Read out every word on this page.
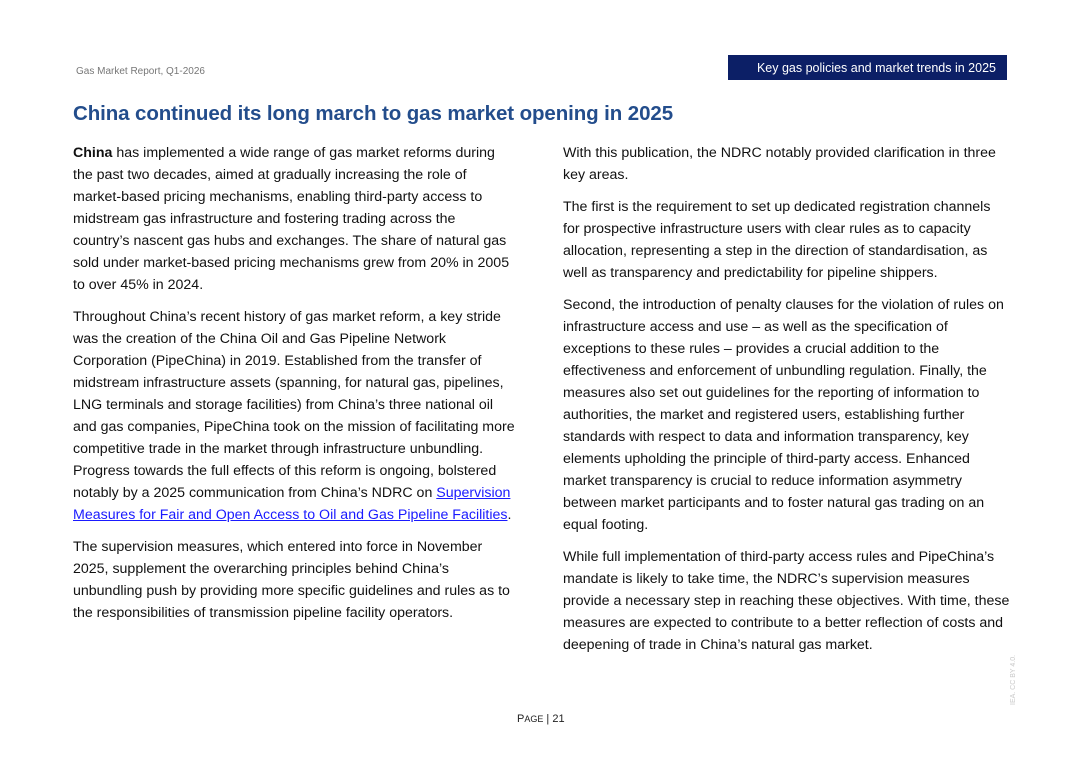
Gas Market Report, Q1-2026	Key gas policies and market trends in 2025
China continued its long march to gas market opening in 2025

China has implemented a wide range of gas market reforms during the past two decades, aimed at gradually increasing the role of market-based pricing mechanisms, enabling third-party access to midstream gas infrastructure and fostering trading across the country’s nascent gas hubs and exchanges. The share of natural gas sold under market-based pricing mechanisms grew from 20% in 2005 to over 45% in 2024.

Throughout China’s recent history of gas market reform, a key stride was the creation of the China Oil and Gas Pipeline Network Corporation (PipeChina) in 2019. Established from the transfer of midstream infrastructure assets (spanning, for natural gas, pipelines, LNG terminals and storage facilities) from China’s three national oil and gas companies, PipeChina took on the mission of facilitating more competitive trade in the market through infrastructure unbundling. Progress towards the full effects of this reform is ongoing, bolstered notably by a 2025 communication from China’s NDRC on Supervision Measures for Fair and Open Access to Oil and Gas Pipeline Facilities.

The supervision measures, which entered into force in November 2025, supplement the overarching principles behind China’s unbundling push by providing more specific guidelines and rules as to the responsibilities of transmission pipeline facility operators.

With this publication, the NDRC notably provided clarification in three key areas.

The first is the requirement to set up dedicated registration channels for prospective infrastructure users with clear rules as to capacity allocation, representing a step in the direction of standardisation, as well as transparency and predictability for pipeline shippers.

Second, the introduction of penalty clauses for the violation of rules on infrastructure access and use – as well as the specification of exceptions to these rules – provides a crucial addition to the effectiveness and enforcement of unbundling regulation. Finally, the measures also set out guidelines for the reporting of information to authorities, the market and registered users, establishing further standards with respect to data and information transparency, key elements upholding the principle of third-party access. Enhanced market transparency is crucial to reduce information asymmetry between market participants and to foster natural gas trading on an equal footing.

While full implementation of third-party access rules and PipeChina’s mandate is likely to take time, the NDRC’s supervision measures provide a necessary step in reaching these objectives. With time, these measures are expected to contribute to a better reflection of costs and deepening of trade in China’s natural gas market.

PAGE | 21
IEA. CC BY 4.0.
